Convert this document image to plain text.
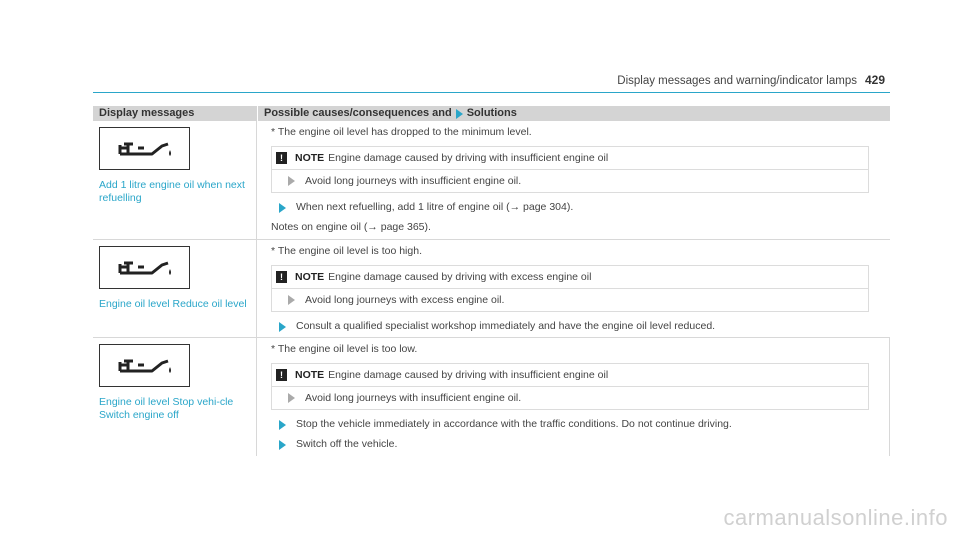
Display messages and warning/indicator lamps 429
Display messages	Possible causes/consequences and Solutions
Add 1 litre engine oil when next refuelling
* The engine oil level has dropped to the minimum level.
!	NOTE Engine damage caused by driving with insufficient engine oil
Avoid long journeys with insufficient engine oil.
When next refuelling, add 1 litre of engine oil (→ page 304).
Notes on engine oil (→ page 365).
Engine oil level Reduce oil level
* The engine oil level is too high.
!	NOTE Engine damage caused by driving with excess engine oil
Avoid long journeys with excess engine oil.
Consult a qualified specialist workshop immediately and have the engine oil level reduced.
Engine oil level Stop vehi-cle Switch engine off
* The engine oil level is too low.
!	NOTE Engine damage caused by driving with insufficient engine oil
Avoid long journeys with insufficient engine oil.
Stop the vehicle immediately in accordance with the traffic conditions. Do not continue driving.
Switch off the vehicle.
carmanualsonline.info
